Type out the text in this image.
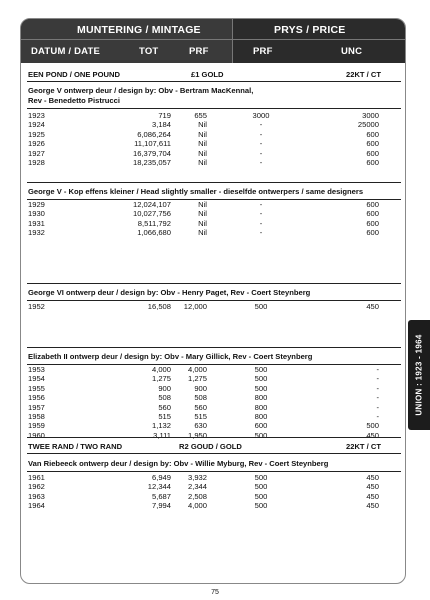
MUNTERING / MINTAGE	PRYS / PRICE
DATUM / DATE	TOT	PRF	PRF	UNC
EEN POND / ONE POUND	£1 GOLD	22KT / CT
George V ontwerp deur / design by: Obv - Bertram MacKennal,
Rev - Benedetto Pistrucci
1923	719	655	3000	3000
1924	3,184	Nil	-	25000
1925	6,086,264	Nil	-	600
1926	11,107,611	Nil	-	600
1927	16,379,704	Nil	-	600
1928	18,235,057	Nil	-	600
George V - Kop effens kleiner / Head slightly smaller - dieselfde ontwerpers / same designers
1929	12,024,107	Nil	-	600
1930	10,027,756	Nil	-	600
1931	8,511,792	Nil	-	600
1932	1,066,680	Nil	-	600
George VI ontwerp deur / design by: Obv - Henry Paget, Rev - Coert Steynberg
1952	16,508	12,000	500	450
Elizabeth II ontwerp deur / design by: Obv - Mary Gillick, Rev - Coert Steynberg
1953	4,000	4,000	500	-
1954	1,275	1,275	500	-
1955	900	900	500	-
1956	508	508	800	-
1957	560	560	800	-
1958	515	515	800	-
1959	1,132	630	600	500
1960	3,111	1,950	500	450
TWEE RAND / TWO RAND	R2 GOUD / GOLD	22KT / CT
Van Riebeeck ontwerp deur / design by: Obv - Willie Myburg, Rev - Coert Steynberg
1961	6,949	3,932	500	450
1962	12,344	2,344	500	450
1963	5,687	2,508	500	450
1964	7,994	4,000	500	450
UNION : 1923 - 1964
75
